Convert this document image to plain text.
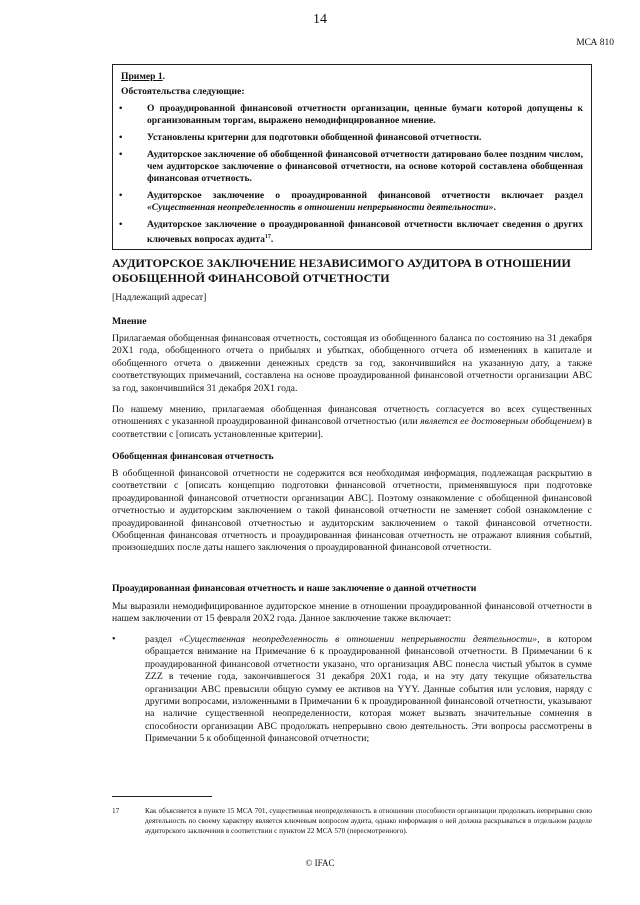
14
МСА 810
Пример 1.
Обстоятельства следующие:
• О проаудированной финансовой отчетности организации, ценные бумаги которой допущены к организованным торгам, выражено немодифицированное мнение.
• Установлены критерии для подготовки обобщенной финансовой отчетности.
• Аудиторское заключение об обобщенной финансовой отчетности датировано более поздним числом, чем аудиторское заключение о финансовой отчетности, на основе которой составлена обобщенная финансовая отчетность.
• Аудиторское заключение о проаудированной финансовой отчетности включает раздел «Существенная неопределенность в отношении непрерывности деятельности».
• Аудиторское заключение о проаудированной финансовой отчетности включает сведения о других ключевых вопросах аудита$^{17}$.
АУДИТОРСКОЕ ЗАКЛЮЧЕНИЕ НЕЗАВИСИМОГО АУДИТОРА В ОТНОШЕНИИ
ОБОБЩЕННОЙ ФИНАНСОВОЙ ОТЧЕТНОСТИ
[Надлежащий адресат]
Мнение
Прилагаемая обобщенная финансовая отчетность, состоящая из обобщенного баланса по состоянию на 31 декабря 20X1 года, обобщенного отчета о прибылях и убытках, обобщенного отчета об изменениях в капитале и обобщенного отчета о движении денежных средств за год, закончившийся на указанную дату, а также соответствующих примечаний, составлена на основе проаудированной финансовой отчетности организации ABC за год, закончившийся 31 декабря 20X1 года.
По нашему мнению, прилагаемая обобщенная финансовая отчетность согласуется во всех существенных отношениях с указанной проаудированной финансовой отчетностью (или является ее достоверным обобщением) в соответствии с [описать установленные критерии].
Обобщенная финансовая отчетность
В обобщенной финансовой отчетности не содержится вся необходимая информация, подлежащая раскрытию в соответствии с [описать концепцию подготовки финансовой отчетности, применявшуюся при подготовке проаудированной финансовой отчетности организации ABC]. Поэтому ознакомление с обобщенной финансовой отчетностью и аудиторским заключением о такой финансовой отчетности не заменяет собой ознакомление с проаудированной финансовой отчетностью и аудиторским заключением о такой финансовой отчетности. Обобщенная финансовая отчетность и проаудированная финансовая отчетность не отражают влияния событий, произошедших после даты нашего заключения о проаудированной финансовой отчетности.
Проаудированная финансовая отчетность и наше заключение о данной отчетности
Мы выразили немодифицированное аудиторское мнение в отношении проаудированной финансовой отчетности в нашем заключении от 15 февраля 20X2 года. Данное заключение также включает:
•	раздел «Существенная неопределенность в отношении непрерывности деятельности», в котором обращается внимание на Примечание 6 к проаудированной финансовой отчетности. В Примечании 6 к проаудированной финансовой отчетности указано, что организация ABC понесла чистый убыток в сумме ZZZ в течение года, закончившегося 31 декабря 20X1 года, и на эту дату текущие обязательства организации ABC превысили общую сумму ее активов на YYY. Данные события или условия, наряду с другими вопросами, изложенными в Примечании 6 к проаудированной финансовой отчетности, указывают на наличие существенной неопределенности, которая может вызвать значительные сомнения в способности организации ABC продолжать непрерывно свою деятельность. Эти вопросы рассмотрены в Примечании 5 к обобщенной финансовой отчетности;
17	Как объясняется в пункте 15 МСА 701, существенная неопределенность в отношении способности организации продолжать непрерывно свою деятельность по своему характеру является ключевым вопросом аудита, однако информация о ней должна раскрываться в отдельном разделе аудиторского заключения в соответствии с пунктом 22 МСА 570 (пересмотренного).
© IFAC
